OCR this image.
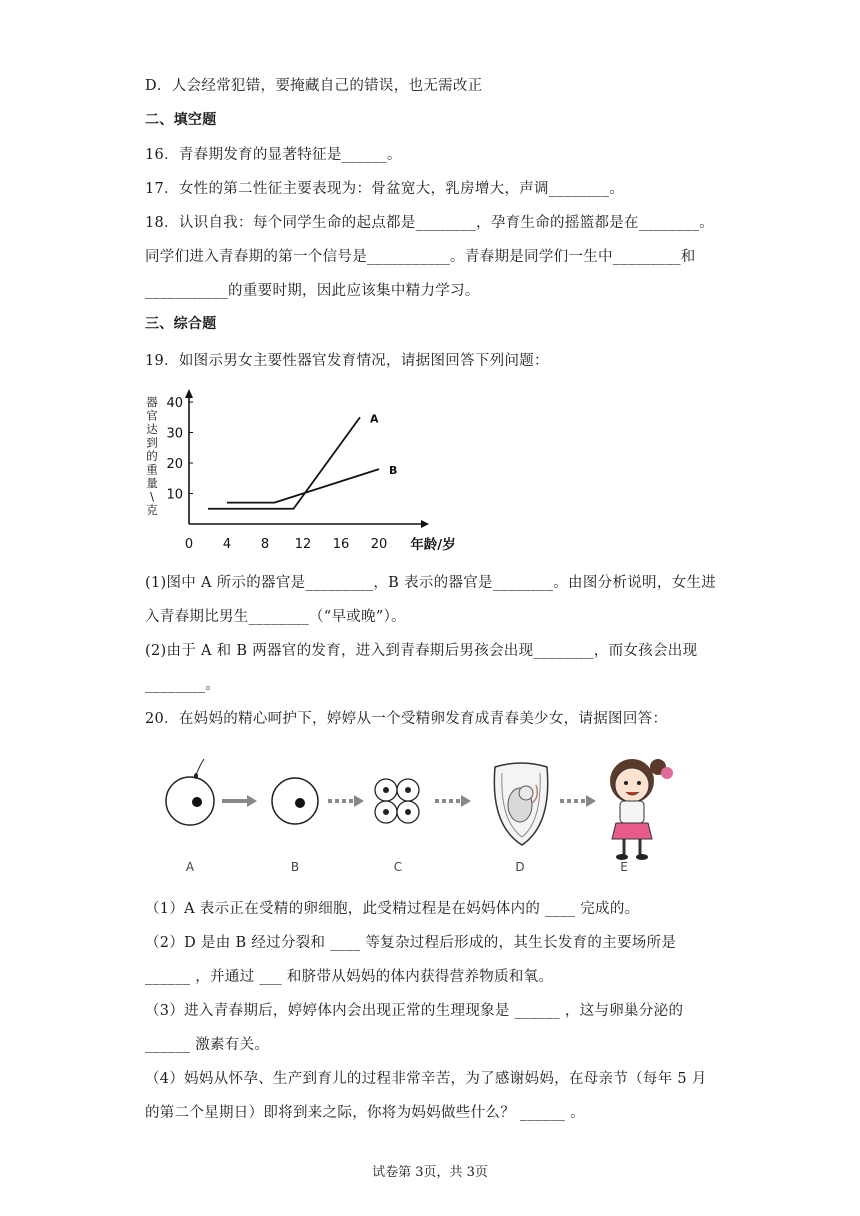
D．人会经常犯错，要掩藏自己的错误，也无需改正
二、填空题
16．青春期发育的显著特征是______。
17．女性的第二性征主要表现为：骨盆宽大，乳房增大，声调________。
18．认识自我：每个同学生命的起点都是________，孕育生命的摇篮都是在________。
同学们进入青春期的第一个信号是___________。青春期是同学们一生中_________和
___________的重要时期，因此应该集中精力学习。
三、综合题
19．如图示男女主要性器官发育情况，请据图回答下列问题：
0 4 8 12 16 20
10
20
30
40
年龄/岁
器
官
达
到
的
重
量
\
克
A
B
(1)图中 A 所示的器官是_________，B 表示的器官是________。由图分析说明，女生进
入青春期比男生________（“早或晚”）。
(2)由于 A 和 B 两器官的发育，进入到青春期后男孩会出现________，而女孩会出现
________。
20．在妈妈的精心呵护下，婷婷从一个受精卵发育成青春美少女，请据图回答：
A	B	C	D	E
（1）A 表示正在受精的卵细胞，此受精过程是在妈妈体内的 ____ 完成的。
（2）D 是由 B 经过分裂和 ____ 等复杂过程后形成的，其生长发育的主要场所是
______ ，并通过 ___ 和脐带从妈妈的体内获得营养物质和氧。
（3）进入青春期后，婷婷体内会出现正常的生理现象是 ______ ，这与卵巢分泌的
______ 激素有关。
（4）妈妈从怀孕、生产到育儿的过程非常辛苦，为了感谢妈妈，在母亲节（每年 5 月
的第二个星期日）即将到来之际，你将为妈妈做些什么？ ______ 。
试卷第 3页，共 3页
